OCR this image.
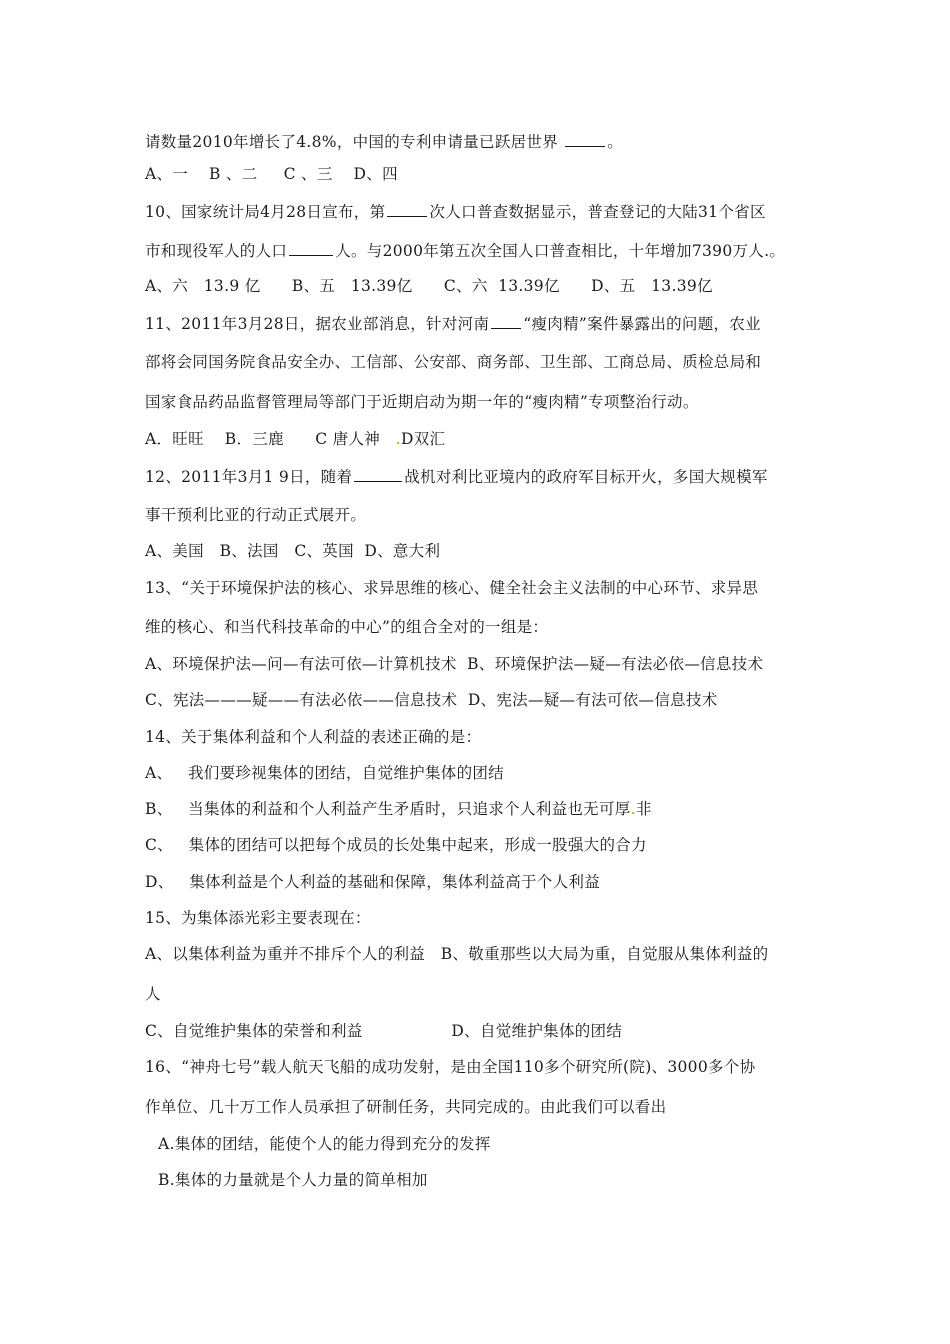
请数量2010年增长了4.8%，中国的专利申请量已跃居世界	。
A、一    B 、二     C 、三    D、四
10、国家统计局4月28日宣布，第	次人口普查数据显示，普查登记的大陆31个省区
市和现役军人的人口	人。与2000年第五次全国人口普查相比，十年增加7390万人.。
A、六   13.9 亿      B、五   13.39亿      C、六  13.39亿      D、五   13.39亿
11、2011年3月28日，据农业部消息，针对河南 “瘦肉精”案件暴露出的问题，农业
部将会同国务院食品安全办、工信部、公安部、商务部、卫生部、工商总局、质检总局和
国家食品药品监督管理局等部门于近期启动为期一年的“瘦肉精”专项整治行动。
A．旺旺    B．三鹿      C 唐人神   .D双汇
12、2011年3月1 9日，随着	战机对利比亚境内的政府军目标开火，多国大规模军
事干预利比亚的行动正式展开。
A、美国   B、法国   C、英国  D、意大利
13、“关于环境保护法的核心、求异思维的核心、健全社会主义法制的中心环节、求异思
维的核心、和当代科技革命的中心”的组合全对的一组是：
A、环境保护法—问—有法可依—计算机技术  B、环境保护法—疑—有法必依—信息技术
C、宪法———疑——有法必依——信息技术  D、宪法—疑—有法可依—信息技术
14、关于集体利益和个人利益的表述正确的是：
A、   我们要珍视集体的团结，自觉维护集体的团结
B、   当集体的利益和个人利益产生矛盾时，只追求个人利益也无可厚.非
C、   集体的团结可以把每个成员的长处集中起来，形成一股强大的合力
D、   集体利益是个人利益的基础和保障，集体利益高于个人利益
15、为集体添光彩主要表现在：
A、以集体利益为重并不排斥个人的利益   B、敬重那些以大局为重，自觉服从集体利益的
人
C、自觉维护集体的荣誉和利益                 D、自觉维护集体的团结
16、“神舟七号”载人航天飞船的成功发射，是由全国110多个研究所(院)、3000多个协
作单位、几十万工作人员承担了研制任务，共同完成的。由此我们可以看出
A.集体的团结，能使个人的能力得到充分的发挥
B.集体的力量就是个人力量的简单相加
